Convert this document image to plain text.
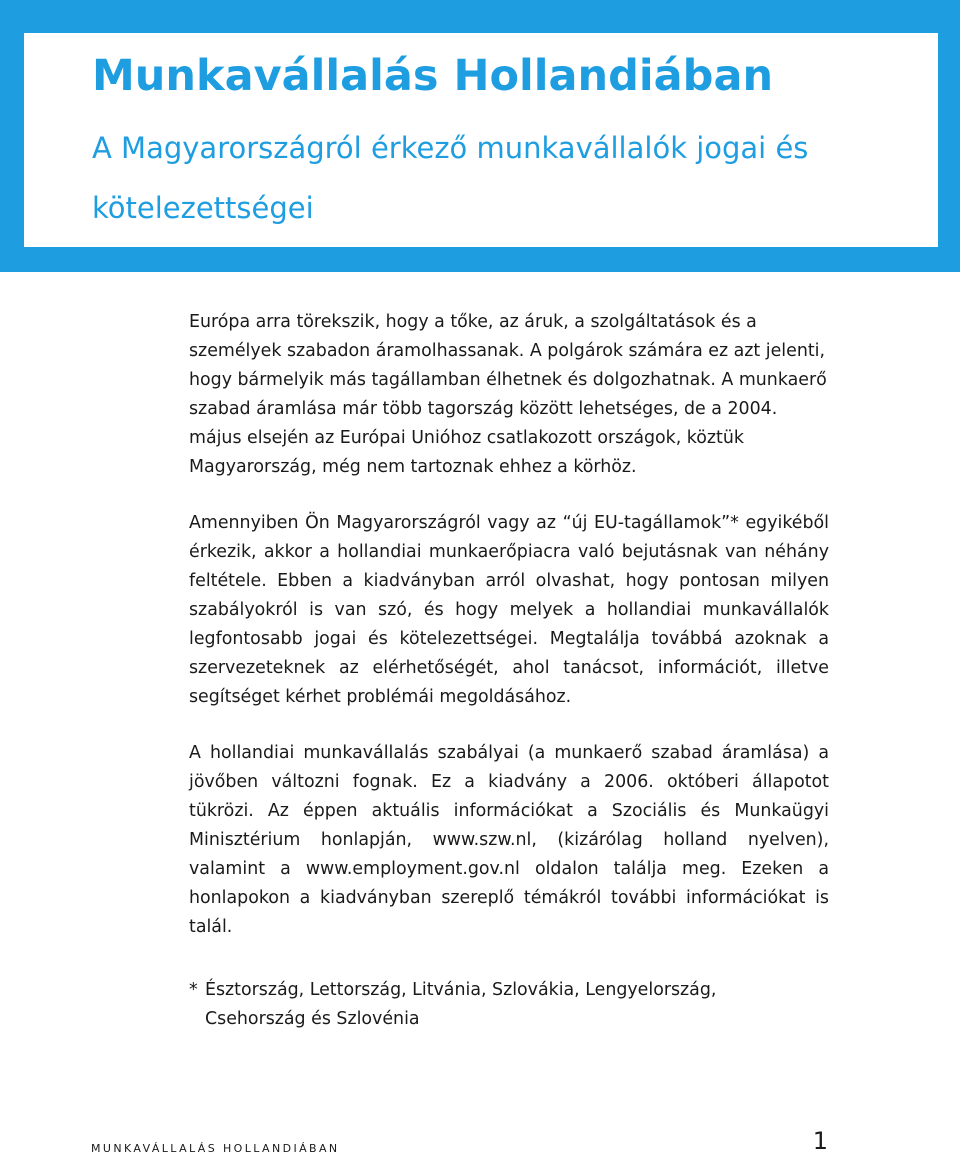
Munkavállalás Hollandiában
A Magyarországról érkező munkavállalók jogai és kötelezettségei

Európa arra törekszik, hogy a tőke, az áruk, a szolgáltatások és a személyek szabadon áramolhassanak. A polgárok számára ez azt jelenti, hogy bármelyik más tagállamban élhetnek és dolgozhatnak. A munkaerő szabad áramlása már több tagország között lehetséges, de a 2004. május elsején az Európai Unióhoz csatlakozott országok, köztük Magyarország, még nem tartoznak ehhez a körhöz.

Amennyiben Ön Magyarországról vagy az “új EU-tagállamok”* egyikéből érkezik, akkor a hollandiai munkaerőpiacra való bejutásnak van néhány feltétele. Ebben a kiadványban arról olvashat, hogy pontosan milyen szabályokról is van szó, és hogy melyek a hollandiai munkavállalók legfontosabb jogai és kötelezettségei. Megtalálja továbbá azoknak a szervezeteknek az elérhetőségét, ahol tanácsot, információt, illetve segítséget kérhet problémái megoldásához.

A hollandiai munkavállalás szabályai (a munkaerő szabad áramlása) a jövőben változni fognak. Ez a kiadvány a 2006. októberi állapotot tükrözi. Az éppen aktuális információkat a Szociális és Munkaügyi Minisztérium honlapján, www.szw.nl, (kizárólag holland nyelven), valamint a www.employment.gov.nl oldalon találja meg. Ezeken a honlapokon a kiadványban szereplő témákról további információkat is talál.

* Észtország, Lettország, Litvánia, Szlovákia, Lengyelország, Csehország és Szlovénia
MUNKAVÁLLALÁS HOLLANDIÁBAN	1
